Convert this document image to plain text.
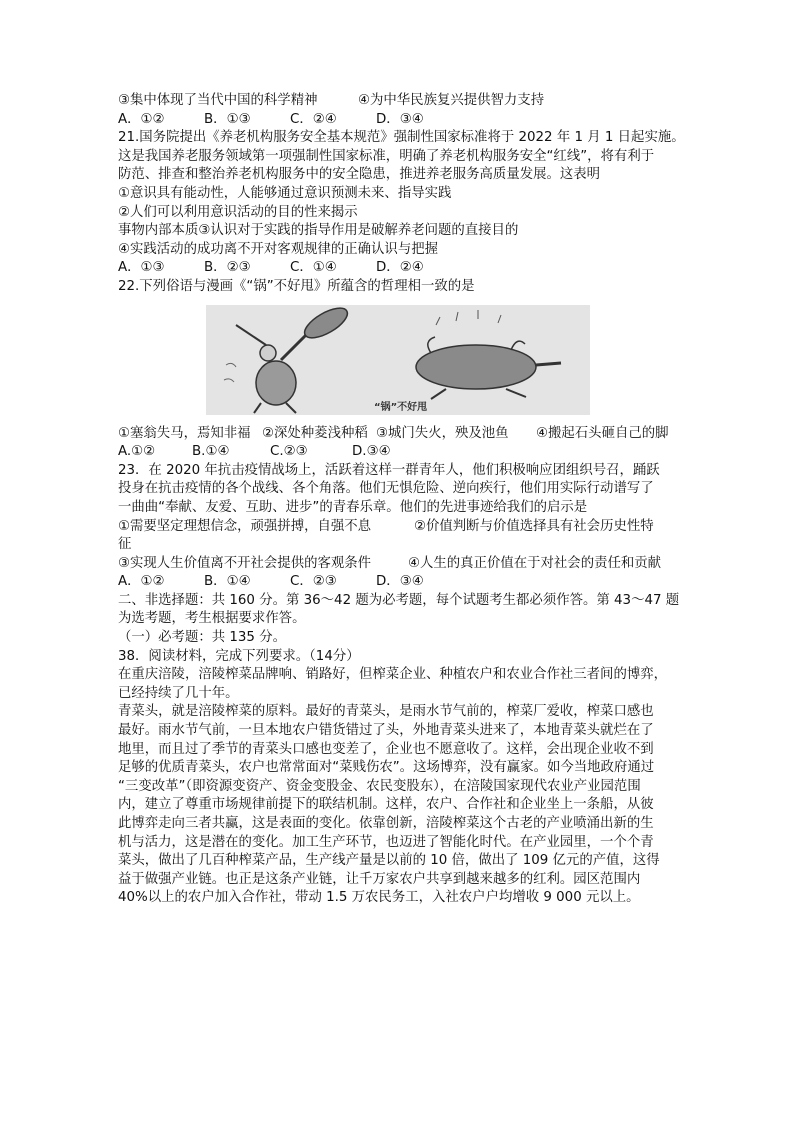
③集中体现了当代中国的科学精神	④为中华民族复兴提供智力支持
A．①②	B．①③	C．②④	D．③④
21.国务院提出《养老机构服务安全基本规范》强制性国家标准将于 2022 年 1 月 1 日起实施。
这是我国养老服务领域第一项强制性国家标准，明确了养老机构服务安全“红线”，将有利于
防范、排查和整治养老机构服务中的安全隐患，推进养老服务高质量发展。这表明
①意识具有能动性，人能够通过意识预测未来、指导实践
②人们可以利用意识活动的目的性来揭示
事物内部本质③认识对于实践的指导作用是破解养老问题的直接目的
④实践活动的成功离不开对客观规律的正确认识与把握
A．①③	B．②③	C．①④	D．②④
22.下列俗语与漫画《“锅”不好甩》所蕴含的哲理相一致的是
“锅”不好甩
①塞翁失马，焉知非福 ②深处种菱浅种稻 ③城门失火，殃及池鱼	④搬起石头砸自己的脚
A.①②	B.①④	C.②③	D.③④
23．在 2020 年抗击疫情战场上，活跃着这样一群青年人，他们积极响应团组织号召，踊跃
投身在抗击疫情的各个战线、各个角落。他们无惧危险、逆向疾行，他们用实际行动谱写了
一曲曲“奉献、友爱、互助、进步”的青春乐章。他们的先进事迹给我们的启示是
①需要坚定理想信念，顽强拼搏，自强不息	②价值判断与价值选择具有社会历史性特
征
③实现人生价值离不开社会提供的客观条件	④人生的真正价值在于对社会的责任和贡献
A．①②	B．①④	C．②③	D．③④
二、非选择题：共 160 分。第 36～42 题为必考题，每个试题考生都必须作答。第 43～47 题
为选考题，考生根据要求作答。
（一）必考题：共 135 分。
38．阅读材料，完成下列要求。（14分）
在重庆涪陵，涪陵榨菜品牌响、销路好，但榨菜企业、种植农户和农业合作社三者间的博弈，
已经持续了几十年。
青菜头，就是涪陵榨菜的原料。最好的青菜头，是雨水节气前的，榨菜厂爱收，榨菜口感也
最好。雨水节气前，一旦本地农户错货错过了头，外地青菜头进来了，本地青菜头就烂在了
地里，而且过了季节的青菜头口感也变差了，企业也不愿意收了。这样，会出现企业收不到
足够的优质青菜头，农户也常常面对“菜贱伤农”。这场博弈，没有赢家。如今当地政府通过
“三变改革”（即资源变资产、资金变股金、农民变股东），在涪陵国家现代农业产业园范围
内，建立了尊重市场规律前提下的联结机制。这样，农户、合作社和企业坐上一条船，从彼
此博弈走向三者共赢，这是表面的变化。依靠创新，涪陵榨菜这个古老的产业喷涌出新的生
机与活力，这是潜在的变化。加工生产环节，也迈进了智能化时代。在产业园里，一个个青
菜头，做出了几百种榨菜产品，生产线产量是以前的 10 倍，做出了 109 亿元的产值，这得
益于做强产业链。也正是这条产业链，让千万家农户共享到越来越多的红利。园区范围内
40%以上的农户加入合作社，带动 1.5 万农民务工，入社农户户均增收 9 000 元以上。
